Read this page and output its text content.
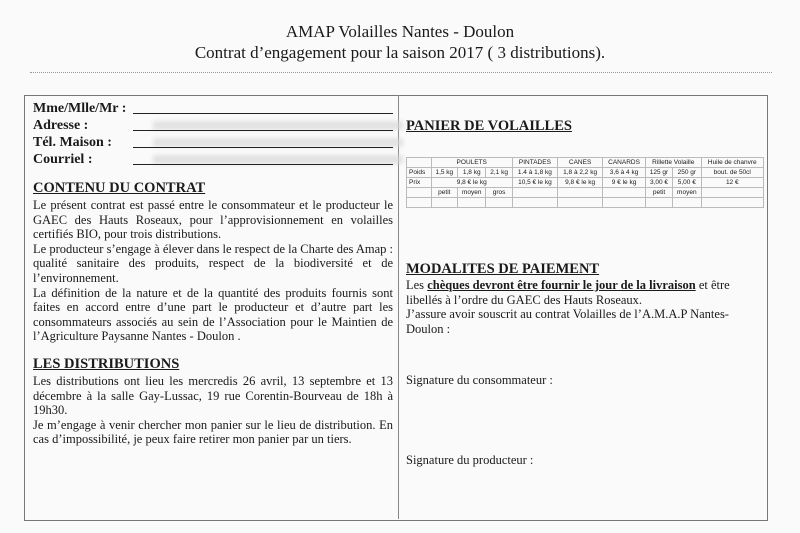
AMAP Volailles Nantes - Doulon
Contrat d’engagement pour la saison 2017 ( 3 distributions).
Mme/Mlle/Mr :
Adresse :
Tél. Maison :
Courriel :
CONTENU DU CONTRAT

Le présent contrat est passé entre le consommateur et le producteur le GAEC des Hauts Roseaux, pour l’approvisionnement en volailles certifiés BIO, pour trois distributions.

Le producteur s’engage à élever dans le respect de la Charte des Amap : qualité sanitaire des produits, respect de la biodiversité et de l’environnement.

La définition de la nature et de la quantité des produits fournis sont faites en accord entre d’une part le producteur et d’autre part les consommateurs associés au sein de l’Association pour le Maintien de l’Agriculture Paysanne Nantes - Doulon .

LES DISTRIBUTIONS

Les distributions ont lieu les mercredis 26 avril, 13 septembre et 13 décembre à la salle Gay-Lussac, 19 rue Corentin-Bourveau de 18h à 19h30.

Je m’engage à venir chercher mon panier sur le lieu de distribution. En cas d’impossibilité, je peux faire retirer mon panier par un tiers.

PANIER DE VOLAILLES
	POULETS			PINTADES	CANES	CANARDS	Rillette Volaille		Huile de chanvre
Poids	1,5 kg	1,8 kg	2,1 kg	1.4 à 1,8 kg	1,8 à 2,2 kg	3,6 à 4 kg	125 gr	250 gr	bout. de 50cl
Prix	9,8 € le kg			10,5 € le kg	9,8 € le kg	9 € le kg	3,00 €	5,00 €	12 €
	petit	moyen	gros				petit	moyen	

MODALITES DE PAIEMENT

Les chèques devront être fournir le jour de la livraison et être libellés à l’ordre du GAEC des Hauts Roseaux.

J’assure avoir souscrit au contrat Volailles de l’A.M.A.P Nantes-Doulon :

Signature du consommateur :
Signature du producteur :
